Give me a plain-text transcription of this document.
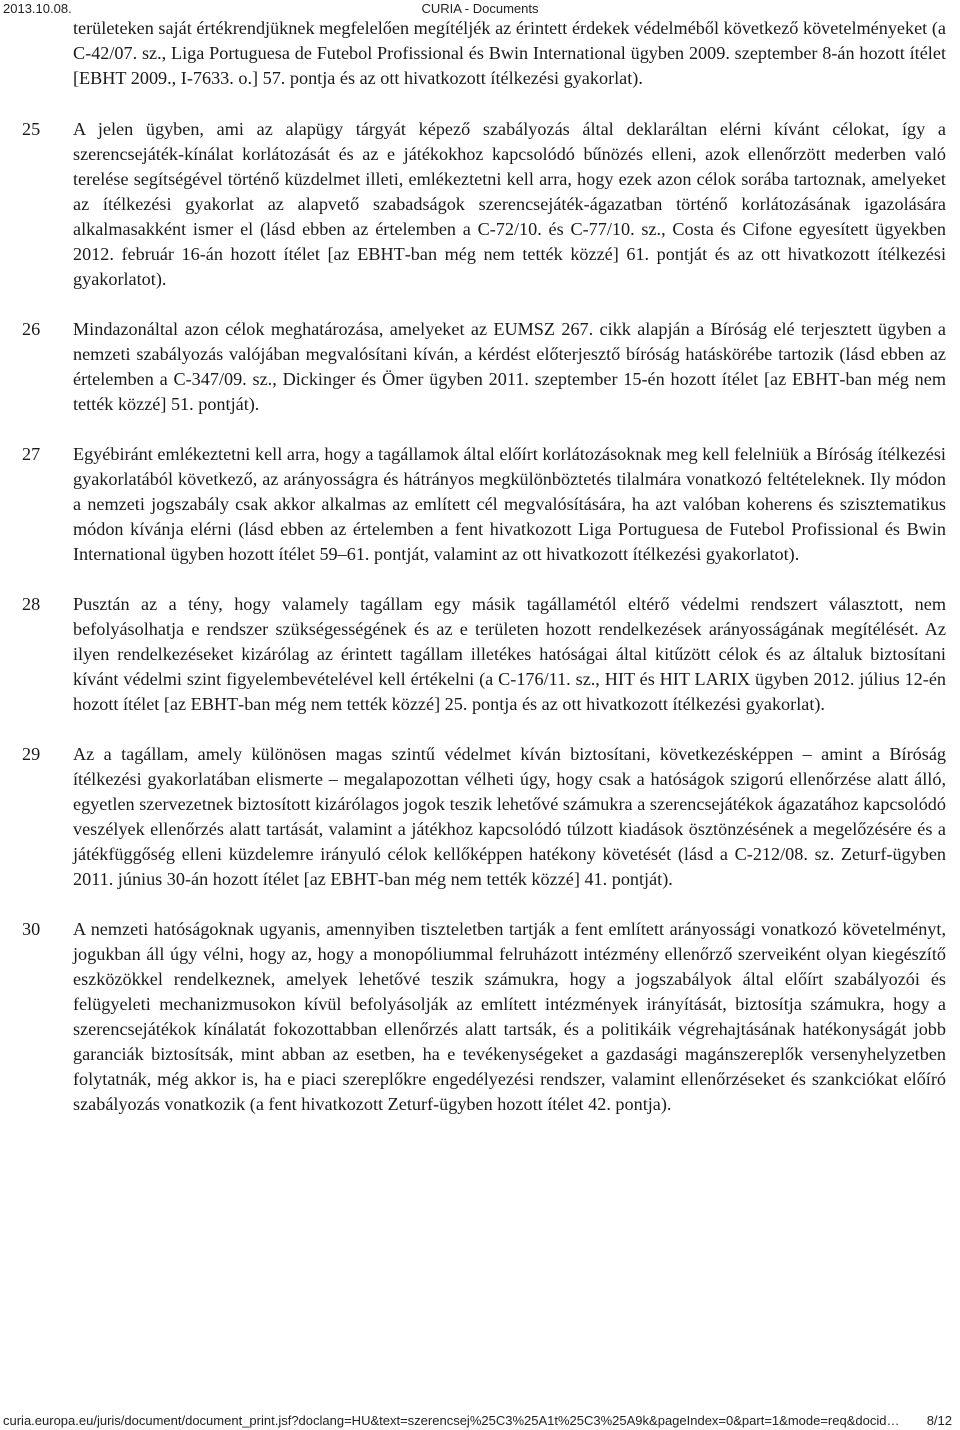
2013.10.08.	CURIA - Documents

területeken saját értékrendjüknek megfelelően megítéljék az érintett érdekek védelméből következő követelményeket (a C‑42/07. sz., Liga Portuguesa de Futebol Profissional és Bwin International ügyben 2009. szeptember 8‑án hozott ítélet [EBHT 2009., I‑7633. o.] 57. pontja és az ott hivatkozott ítélkezési gyakorlat).

25 A jelen ügyben, ami az alapügy tárgyát képező szabályozás által deklaráltan elérni kívánt célokat, így a szerencsejáték‑kínálat korlátozását és az e játékokhoz kapcsolódó bűnözés elleni, azok ellenőrzött mederben való terelése segítségével történő küzdelmet illeti, emlékeztetni kell arra, hogy ezek azon célok sorába tartoznak, amelyeket az ítélkezési gyakorlat az alapvető szabadságok szerencsejáték‑ágazatban történő korlátozásának igazolására alkalmasakként ismer el (lásd ebben az értelemben a C‑72/10. és C‑77/10. sz., Costa és Cifone egyesített ügyekben 2012. február 16‑án hozott ítélet [az EBHT‑ban még nem tették közzé] 61. pontját és az ott hivatkozott ítélkezési gyakorlatot).

26 Mindazonáltal azon célok meghatározása, amelyeket az EUMSZ 267. cikk alapján a Bíróság elé terjesztett ügyben a nemzeti szabályozás valójában megvalósítani kíván, a kérdést előterjesztő bíróság hatáskörébe tartozik (lásd ebben az értelemben a C‑347/09. sz., Dickinger és Ömer ügyben 2011. szeptember 15‑én hozott ítélet [az EBHT‑ban még nem tették közzé] 51. pontját).

27 Egyébiránt emlékeztetni kell arra, hogy a tagállamok által előírt korlátozásoknak meg kell felelniük a Bíróság ítélkezési gyakorlatából következő, az arányosságra és hátrányos megkülönböztetés tilalmára vonatkozó feltételeknek. Ily módon a nemzeti jogszabály csak akkor alkalmas az említett cél megvalósítására, ha azt valóban koherens és szisztematikus módon kívánja elérni (lásd ebben az értelemben a fent hivatkozott Liga Portuguesa de Futebol Profissional és Bwin International ügyben hozott ítélet 59–61. pontját, valamint az ott hivatkozott ítélkezési gyakorlatot).

28 Pusztán az a tény, hogy valamely tagállam egy másik tagállamétól eltérő védelmi rendszert választott, nem befolyásolhatja e rendszer szükségességének és az e területen hozott rendelkezések arányosságának megítélését. Az ilyen rendelkezéseket kizárólag az érintett tagállam illetékes hatóságai által kitűzött célok és az általuk biztosítani kívánt védelmi szint figyelembevételével kell értékelni (a C‑176/11. sz., HIT és HIT LARIX ügyben 2012. július 12‑én hozott ítélet [az EBHT‑ban még nem tették közzé] 25. pontja és az ott hivatkozott ítélkezési gyakorlat).

29 Az a tagállam, amely különösen magas szintű védelmet kíván biztosítani, következésképpen – amint a Bíróság ítélkezési gyakorlatában elismerte – megalapozottan vélheti úgy, hogy csak a hatóságok szigorú ellenőrzése alatt álló, egyetlen szervezetnek biztosított kizárólagos jogok teszik lehetővé számukra a szerencsejátékok ágazatához kapcsolódó veszélyek ellenőrzés alatt tartását, valamint a játékhoz kapcsolódó túlzott kiadások ösztönzésének a megelőzésére és a játékfüggőség elleni küzdelemre irányuló célok kellőképpen hatékony követését (lásd a C‑212/08. sz. Zeturf‑ügyben 2011. június 30‑án hozott ítélet [az EBHT‑ban még nem tették közzé] 41. pontját).

30 A nemzeti hatóságoknak ugyanis, amennyiben tiszteletben tartják a fent említett arányossági vonatkozó követelményt, jogukban áll úgy vélni, hogy az, hogy a monopóliummal felruházott intézmény ellenőrző szerveiként olyan kiegészítő eszközökkel rendelkeznek, amelyek lehetővé teszik számukra, hogy a jogszabályok által előírt szabályozói és felügyeleti mechanizmusokon kívül befolyásolják az említett intézmények irányítását, biztosítja számukra, hogy a szerencsejátékok kínálatát fokozottabban ellenőrzés alatt tartsák, és a politikáik végrehajtásának hatékonyságát jobb garanciák biztosítsák, mint abban az esetben, ha e tevékenységeket a gazdasági magánszereplők versenyhelyzetben folytatnák, még akkor is, ha e piaci szereplőkre engedélyezési rendszer, valamint ellenőrzéseket és szankciókat előíró szabályozás vonatkozik (a fent hivatkozott Zeturf‑ügyben hozott ítélet 42. pontja).

curia.europa.eu/juris/document/document_print.jsf?doclang=HU&text=szerencsej%25C3%25A1t%25C3%25A9k&pageIndex=0&part=1&mode=req&docid… 8/12
